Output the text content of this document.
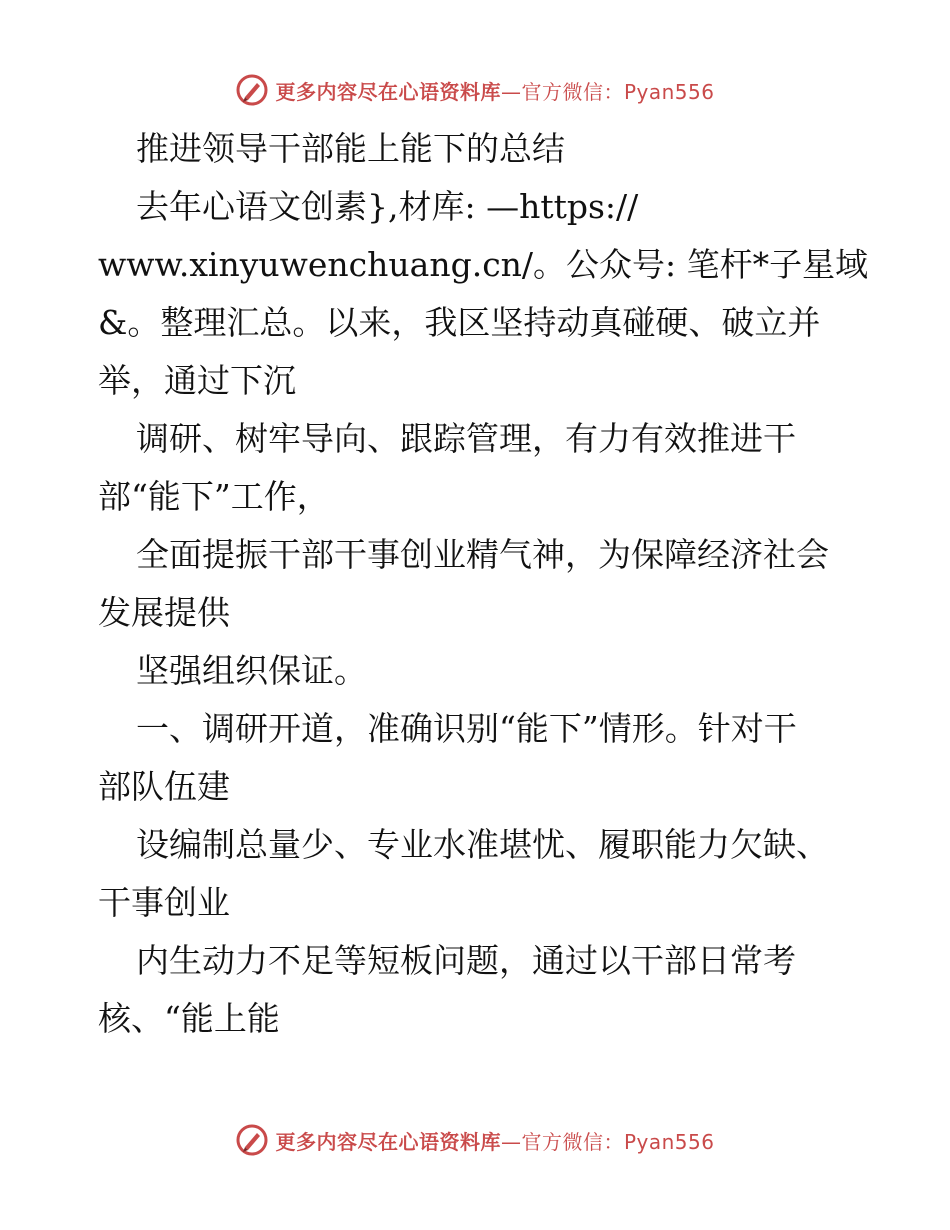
更多内容尽在心语资料库—官方微信：Pyan556
推进领导干部能上能下的总结
去年心语文创素},材库: —https://
www.xinyuwenchuang.cn/。公众号: 笔杆*子星域
&。整理汇总。以来，我区坚持动真碰硬、破立并
举，通过下沉
调研、树牢导向、跟踪管理，有力有效推进干
部“能下”工作，
全面提振干部干事创业精气神，为保障经济社会
发展提供
坚强组织保证。
一、调研开道，准确识别“能下”情形。针对干
部队伍建
设编制总量少、专业水准堪忧、履职能力欠缺、
干事创业
内生动力不足等短板问题，通过以干部日常考
核、“能上能
更多内容尽在心语资料库—官方微信：Pyan556
